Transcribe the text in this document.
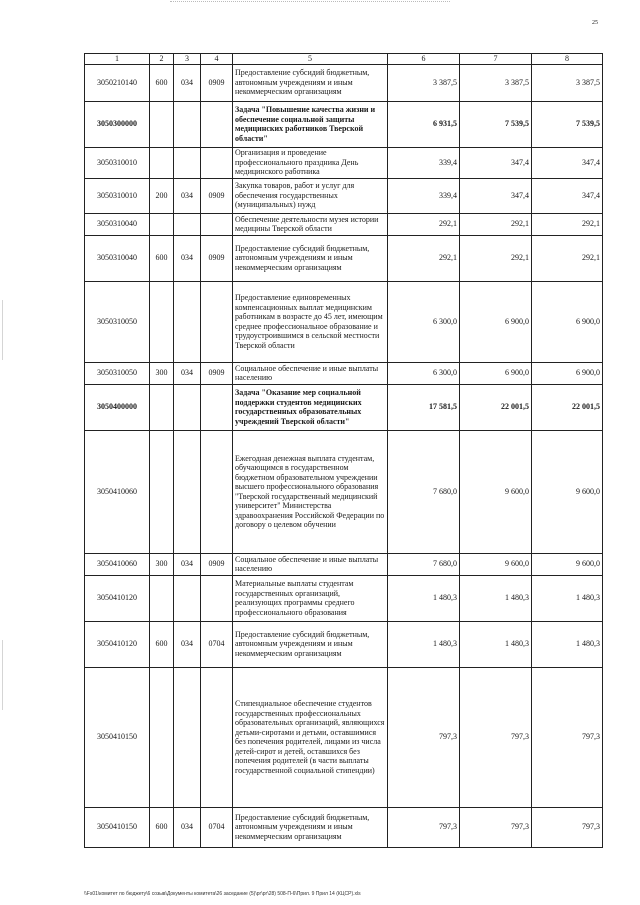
25
1	2	3	4	5	6	7	8
3050210140	600	034	0909	Предоставление субсидий бюджетным, автономным учреждениям и иным некоммерческим организациям	3 387,5	3 387,5	3 387,5
3050300000				Задача "Повышение качества жизни и обеспечение социальной защиты медицинских работников Тверской области"	6 931,5	7 539,5	7 539,5
3050310010				Организация и проведение профессионального праздника День медицинского работника	339,4	347,4	347,4
3050310010	200	034	0909	Закупка товаров, работ и услуг для обеспечения государственных (муниципальных) нужд	339,4	347,4	347,4
3050310040				Обеспечение деятельности музея истории медицины Тверской области	292,1	292,1	292,1
3050310040	600	034	0909	Предоставление субсидий бюджетным, автономным учреждениям и иным некоммерческим организациям	292,1	292,1	292,1
3050310050				Предоставление единовременных компенсационных выплат медицинским работникам в возрасте до 45 лет, имеющим среднее профессиональное образование и трудоустроившимся в сельской местности Тверской области	6 300,0	6 900,0	6 900,0
3050310050	300	034	0909	Социальное обеспечение и иные выплаты населению	6 300,0	6 900,0	6 900,0
3050400000				Задача "Оказание мер социальной поддержки студентов медицинских государственных образовательных учреждений Тверской области"	17 581,5	22 001,5	22 001,5
3050410060				Ежегодная денежная выплата студентам, обучающимся в государственном бюджетном образовательном учреждении высшего профессионального образования "Тверской государственный медицинский университет" Министерства здравоохранения Российской Федерации по договору о целевом обучении	7 680,0	9 600,0	9 600,0
3050410060	300	034	0909	Социальное обеспечение и иные выплаты населению	7 680,0	9 600,0	9 600,0
3050410120				Материальные выплаты студентам государственных организаций, реализующих программы среднего профессионального образования	1 480,3	1 480,3	1 480,3
3050410120	600	034	0704	Предоставление субсидий бюджетным, автономным учреждениям и иным некоммерческим организациям	1 480,3	1 480,3	1 480,3
3050410150				Стипендиальное обеспечение студентов государственных профессиональных образовательных организаций, являющихся детьми-сиротами и детьми, оставшимися без попечения родителей, лицами из числа детей-сирот и детей, оставшихся без попечения родителей (в части выплаты государственной социальной стипендии)	797,3	797,3	797,3
3050410150	600	034	0704	Предоставление субсидий бюджетным, автономным учреждениям и иным некоммерческим организациям	797,3	797,3	797,3
\\Fs01\комитет по бюджету\6 созыв\Документы комитета\26 заседание (5)\рг\рг\28) 508-П-6\Прил. 9 Прил 14 (КЦСР).xls
